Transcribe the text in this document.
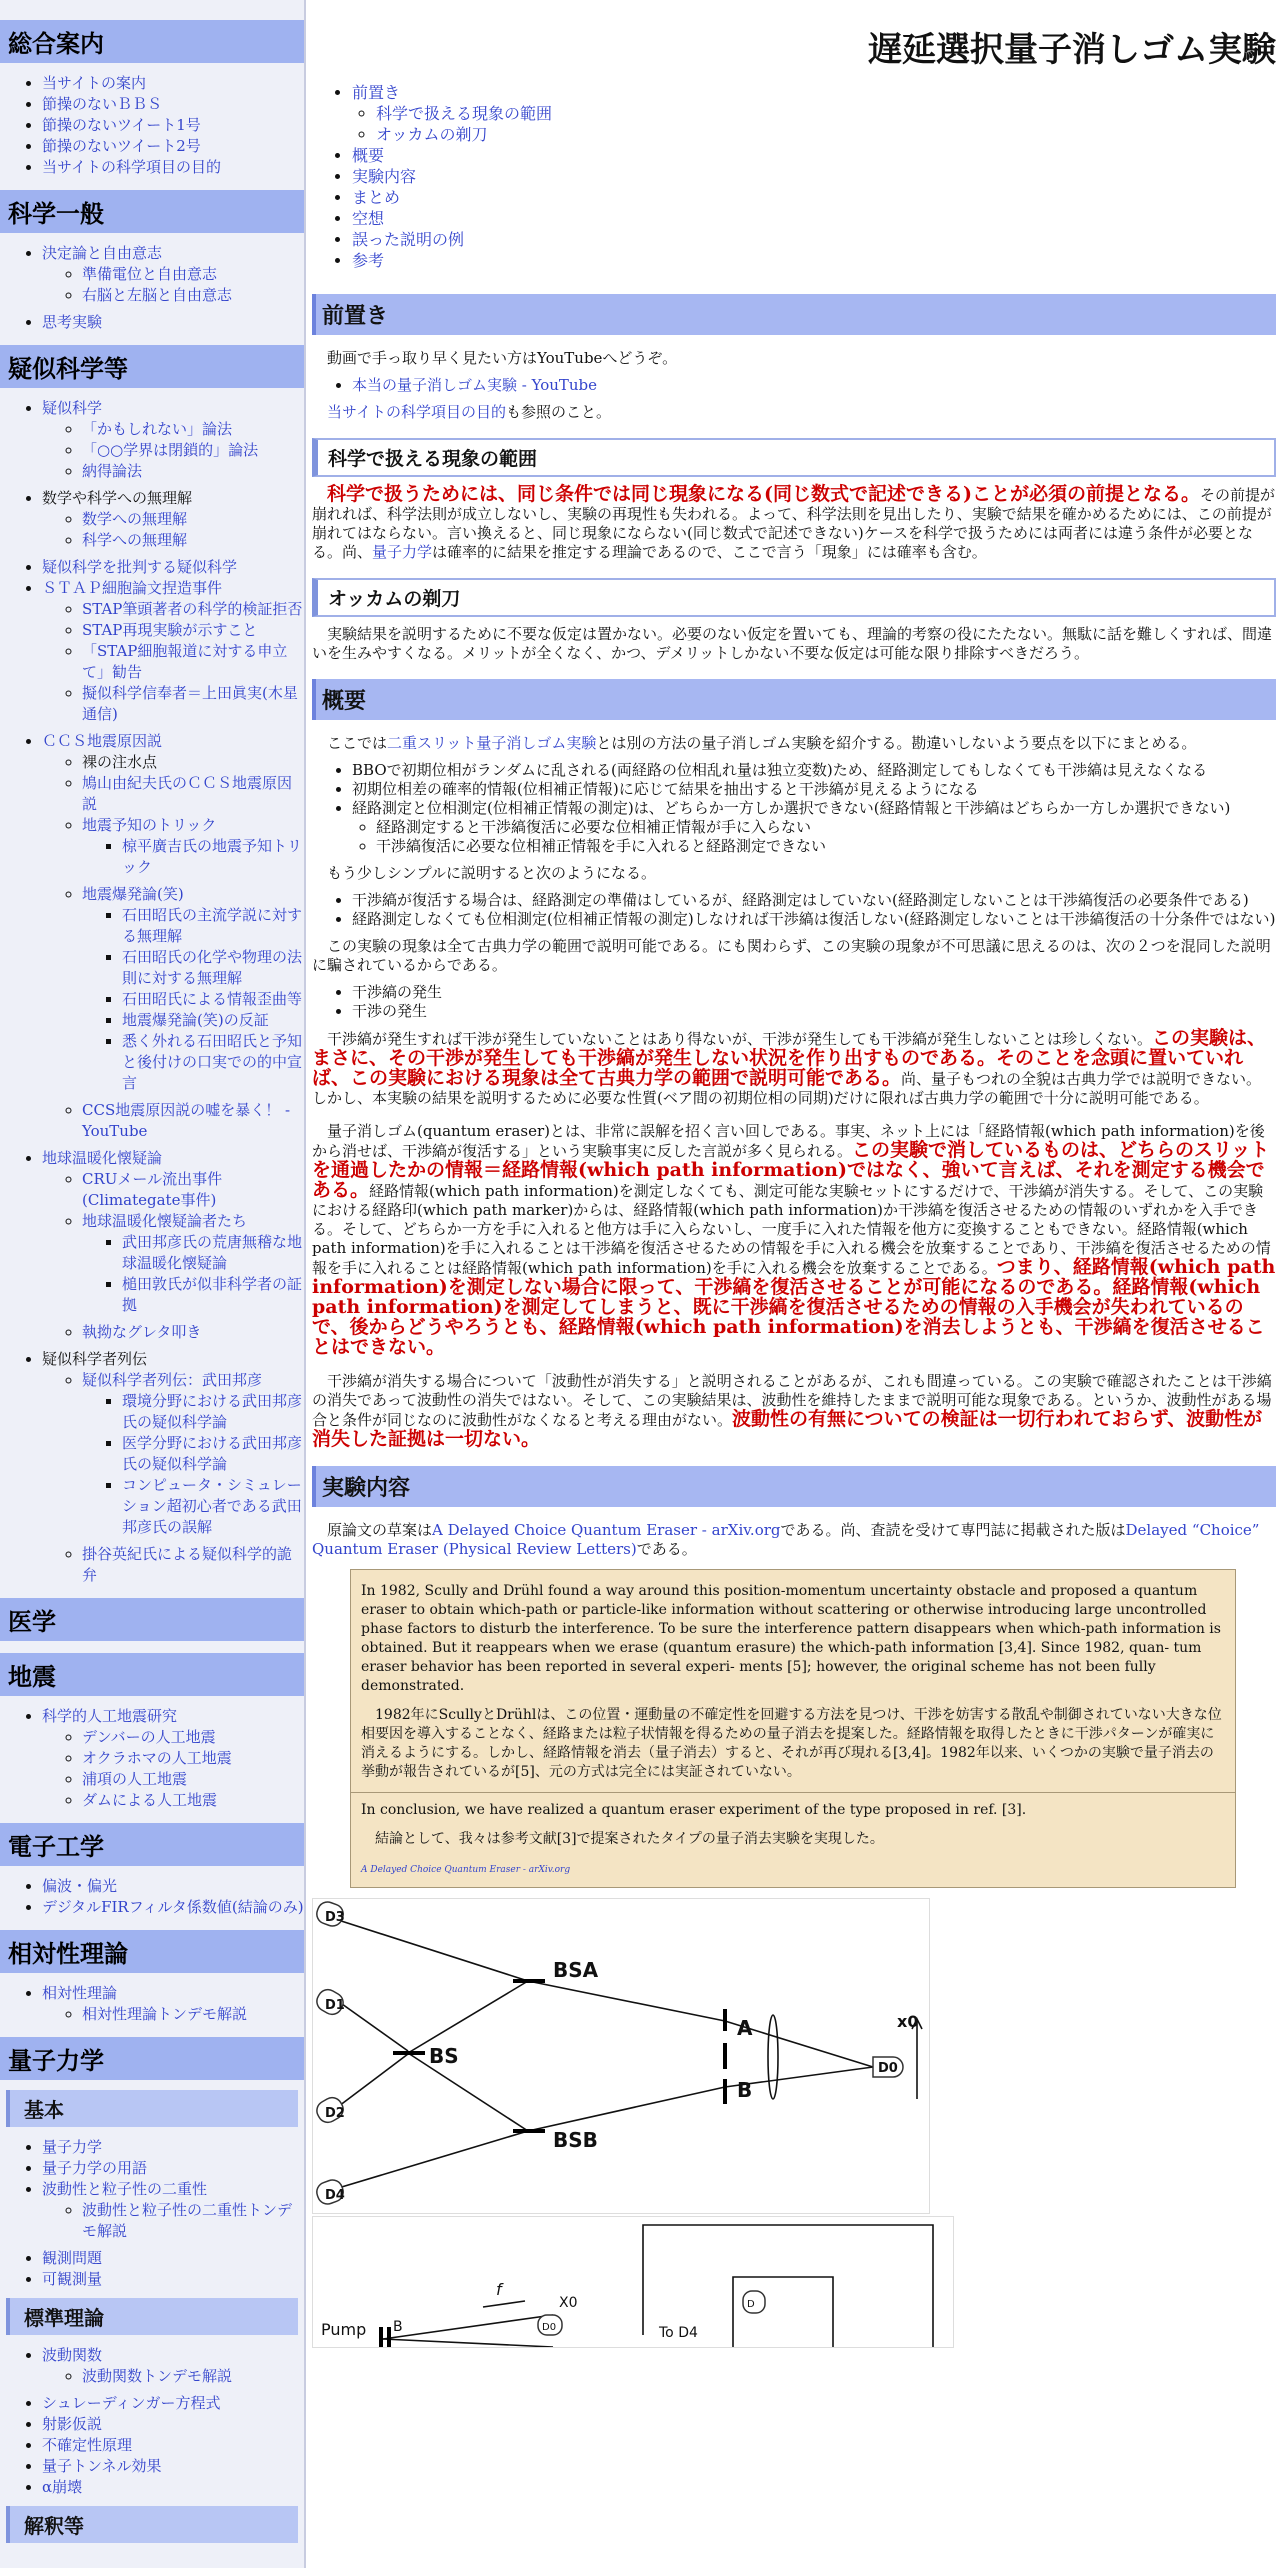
総合案内
• 当サイトの案内
• 節操のないＢＢＳ
• 節操のないツイート1号
• 節操のないツイート2号
• 当サイトの科学項目の目的
科学一般
• 決定論と自由意志
◦ 準備電位と自由意志
◦ 右脳と左脳と自由意志
• 思考実験
疑似科学等
• 疑似科学
◦ 「かもしれない」論法
◦ 「○○学界は閉鎖的」論法
◦ 納得論法
• 数学や科学への無理解
◦ 数学への無理解
◦ 科学への無理解
• 疑似科学を批判する疑似科学
• ＳＴＡＰ細胞論文捏造事件
◦ STAP筆頭著者の科学的検証拒否
◦ STAP再現実験が示すこと
◦ 「STAP細胞報道に対する申立て」勧告
◦ 擬似科学信奉者＝上田眞実(木星通信)
• ＣＣＳ地震原因説
◦ 裸の注水点
◦ 鳩山由紀夫氏のＣＣＳ地震原因説
◦ 地震予知のトリック
▪ 椋平廣吉氏の地震予知トリック
◦ 地震爆発論(笑)
▪ 石田昭氏の主流学説に対する無理解
▪ 石田昭氏の化学や物理の法則に対する無理解
▪ 石田昭氏による情報歪曲等
▪ 地震爆発論(笑)の反証
▪ 悉く外れる石田昭氏と予知と後付けの口実での的中宣言
◦ CCS地震原因説の嘘を暴く！ - YouTube
• 地球温暖化懐疑論
◦ CRUメール流出事件(Climategate事件)
◦ 地球温暖化懐疑論者たち
▪ 武田邦彦氏の荒唐無稽な地球温暖化懐疑論
▪ 槌田敦氏が似非科学者の証拠
◦ 執拗なグレタ叩き
• 疑似科学者列伝
◦ 疑似科学者列伝：武田邦彦
▪ 環境分野における武田邦彦氏の疑似科学論
▪ 医学分野における武田邦彦氏の疑似科学論
▪ コンピュータ・シミュレーション超初心者である武田邦彦氏の誤解
◦ 掛谷英紀氏による疑似科学的詭弁
医学
地震
• 科学的人工地震研究
◦ デンバーの人工地震
◦ オクラホマの人工地震
◦ 浦項の人工地震
◦ ダムによる人工地震
電子工学
• 偏波・偏光
• デジタルFIRフィルタ係数値(結論のみ)
相対性理論
• 相対性理論
◦ 相対性理論トンデモ解説
量子力学
基本
• 量子力学
• 量子力学の用語
• 波動性と粒子性の二重性
◦ 波動性と粒子性の二重性トンデモ解説
• 観測問題
• 可観測量
標準理論
• 波動関数
◦ 波動関数トンデモ解説
• シュレーディンガー方程式
• 射影仮説
• 不確定性原理
• 量子トンネル効果
• α崩壊
解釈等
遅延選択量子消しゴム実験
• 前置き
◦ 科学で扱える現象の範囲
◦ オッカムの剃刀
• 概要
• 実験内容
• まとめ
• 空想
• 誤った説明の例
• 参考
前置き

動画で手っ取り早く見たい方はYouTubeへどうぞ。

• 本当の量子消しゴム実験 - YouTube

当サイトの科学項目の目的も参照のこと。

科学で扱える現象の範囲

科学で扱うためには、同じ条件では同じ現象になる(同じ数式で記述できる)ことが必須の前提となる。その前提が崩れれば、科学法則が成立しないし、実験の再現性も失われる。よって、科学法則を見出したり、実験で結果を確かめるためには、この前提が崩れてはならない。言い換えると、同じ現象にならない(同じ数式で記述できない)ケースを科学で扱うためには両者には違う条件が必要となる。尚、量子力学は確率的に結果を推定する理論であるので、ここで言う「現象」には確率も含む。

オッカムの剃刀

実験結果を説明するために不要な仮定は置かない。必要のない仮定を置いても、理論的考察の役にたたない。無駄に話を難しくすれば、間違いを生みやすくなる。メリットが全くなく、かつ、デメリットしかない不要な仮定は可能な限り排除すべきだろう。

概要

ここでは二重スリット量子消しゴム実験とは別の方法の量子消しゴム実験を紹介する。勘違いしないよう要点を以下にまとめる。

• BBOで初期位相がランダムに乱される(両経路の位相乱れ量は独立変数)ため、経路測定してもしなくても干渉縞は見えなくなる
• 初期位相差の確率的情報(位相補正情報)に応じて結果を抽出すると干渉縞が見えるようになる
• 経路測定と位相測定(位相補正情報の測定)は、どちらか一方しか選択できない(経路情報と干渉縞はどちらか一方しか選択できない)
◦ 経路測定すると干渉縞復活に必要な位相補正情報が手に入らない
◦ 干渉縞復活に必要な位相補正情報を手に入れると経路測定できない

もう少しシンプルに説明すると次のようになる。

• 干渉縞が復活する場合は、経路測定の準備はしているが、経路測定はしていない(経路測定しないことは干渉縞復活の必要条件である)
• 経路測定しなくても位相測定(位相補正情報の測定)しなければ干渉縞は復活しない(経路測定しないことは干渉縞復活の十分条件ではない)

この実験の現象は全て古典力学の範囲で説明可能である。にも関わらず、この実験の現象が不可思議に思えるのは、次の２つを混同した説明に騙されているからである。

• 干渉縞の発生
• 干渉の発生

干渉縞が発生すれば干渉が発生していないことはあり得ないが、干渉が発生しても干渉縞が発生しないことは珍しくない。この実験は、まさに、その干渉が発生しても干渉縞が発生しない状況を作り出すものである。そのことを念頭に置いていれば、この実験における現象は全て古典力学の範囲で説明可能である。尚、量子もつれの全貌は古典力学では説明できない。しかし、本実験の結果を説明するために必要な性質(ベア間の初期位相の同期)だけに限れば古典力学の範囲で十分に説明可能である。

量子消しゴム(quantum eraser)とは、非常に誤解を招く言い回しである。事実、ネット上には「経路情報(which path information)を後から消せば、干渉縞が復活する」という実験事実に反した言説が多く見られる。この実験で消しているものは、どちらのスリットを通過したかの情報＝経路情報(which path information)ではなく、強いて言えば、それを測定する機会である。経路情報(which path information)を測定しなくても、測定可能な実験セットにするだけで、干渉縞が消失する。そして、この実験における経路印(which path marker)からは、経路情報(which path information)か干渉縞を復活させるための情報のいずれかを入手できる。そして、どちらか一方を手に入れると他方は手に入らないし、一度手に入れた情報を他方に変換することもできない。経路情報(which path information)を手に入れることは干渉縞を復活させるための情報を手に入れる機会を放棄することであり、干渉縞を復活させるための情報を手に入れることは経路情報(which path information)を手に入れる機会を放棄することである。つまり、経路情報(which path information)を測定しない場合に限って、干渉縞を復活させることが可能になるのである。経路情報(which path information)を測定してしまうと、既に干渉縞を復活させるための情報の入手機会が失われているので、後からどうやろうとも、経路情報(which path information)を消去しようとも、干渉縞を復活させることはできない。

干渉縞が消失する場合について「波動性が消失する」と説明されることがあるが、これも間違っている。この実験で確認されたことは干渉縞の消失であって波動性の消失ではない。そして、この実験結果は、波動性を維持したままで説明可能な現象である。というか、波動性がある場合と条件が同じなのに波動性がなくなると考える理由がない。波動性の有無についての検証は一切行われておらず、波動性が消失した証拠は一切ない。

実験内容

原論文の草案はA Delayed Choice Quantum Eraser - arXiv.orgである。尚、査読を受けて専門誌に掲載された版はDelayed “Choice” Quantum Eraser (Physical Review Letters)である。

In 1982, Scully and Drühl found a way around this position-momentum uncertainty obstacle and proposed a quantum eraser to obtain which-path or particle-like information without scattering or otherwise introducing large uncontrolled phase factors to disturb the interference. To be sure the interference pattern disappears when which-path information is obtained. But it reappears when we erase (quantum erasure) the which-path information [3,4]. Since 1982, quan- tum eraser behavior has been reported in several experi- ments [5]; however, the original scheme has not been fully demonstrated.

1982年にScullyとDrühlは、この位置・運動量の不確定性を回避する方法を見つけ、干渉を妨害する散乱や制御されていない大きな位相要因を導入することなく、経路または粒子状情報を得るための量子消去を提案した。経路情報を取得したときに干渉パターンが確実に消えるようにする。しかし、経路情報を消去（量子消去）すると、それが再び現れる[3,4]。1982年以来、いくつかの実験で量子消去の挙動が報告されているが[5]、元の方式は完全には実証されていない。

In conclusion, we have realized a quantum eraser experiment of the type proposed in ref. [3].

結論として、我々は参考文献[3]で提案されたタイプの量子消去実験を実現した。

A Delayed Choice Quantum Eraser - arXiv.org
D3
D1
D2
D4
D0
BSA
BSB
BS
A
B
x0
Pump B
f
X0
D0	To D4
D
